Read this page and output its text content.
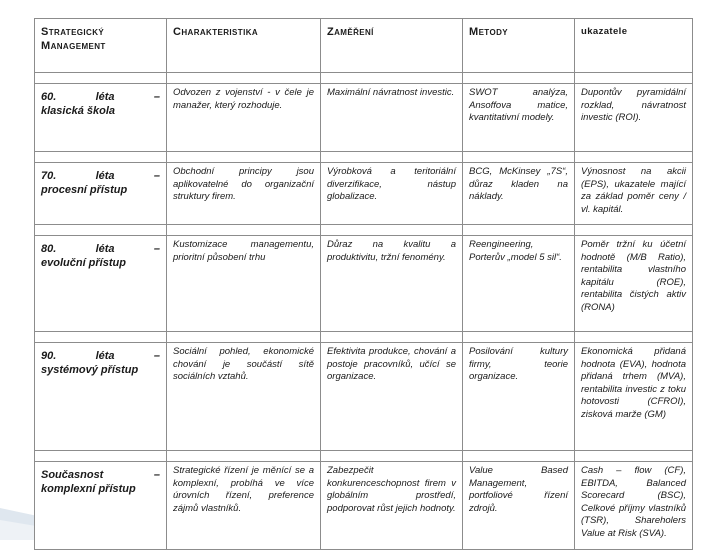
Strategický Management	Charakteristika	Zaměření	Metody	ukazatele

60. léta –
klasická škola	Odvozen z vojenství - v čele je manažer, který rozhoduje.	Maximální návratnost investic.	SWOT analýza, Ansoffova matice, kvantitativní modely.	Dupontův pyramidální rozklad, návratnost investic (ROI).

70. léta –
procesní přístup	Obchodní principy jsou aplikovatelné do organizační struktury firem.	Výrobková a teritoriální diverzifikace, nástup globalizace.	BCG, McKinsey „7S“, důraz kladen na náklady.	Výnosnost na akcii (EPS), ukazatele mající za základ poměr ceny / vl. kapitál.

80. léta –
evoluční přístup	Kustomizace managementu, prioritní působení trhu	Důraz na kvalitu a produktivitu, tržní fenomény.	Reengineering, Porterův „model 5 sil“.	Poměr tržní ku účetní hodnotě (M/B Ratio), rentabilita vlastního kapitálu (ROE), rentabilita čistých aktiv (RONA)

90. léta –
systémový přístup	Sociální pohled, ekonomické chování je součástí sítě sociálních vztahů.	Efektivita produkce, chování a postoje pracovníků, učící se organizace.	Posilování kultury firmy, teorie organizace.	Ekonomická přidaná hodnota (EVA), hodnota přidaná trhem (MVA), rentabilita investic z toku hotovosti (CFROI), zisková marže (GM)

Současnost –
komplexní přístup	Strategické řízení je měnící se a komplexní, probíhá ve více úrovních řízení, preference zájmů vlastníků.	Zabezpečit konkurenceschopnost firem v globálním prostředí, podporovat růst jejich hodnoty.	Value Based Management, portfoliové řízení zdrojů.	Cash – flow (CF), EBITDA, Balanced Scorecard (BSC), Celkové příjmy vlastníků (TSR), Shareholers Value at Risk (SVA).
